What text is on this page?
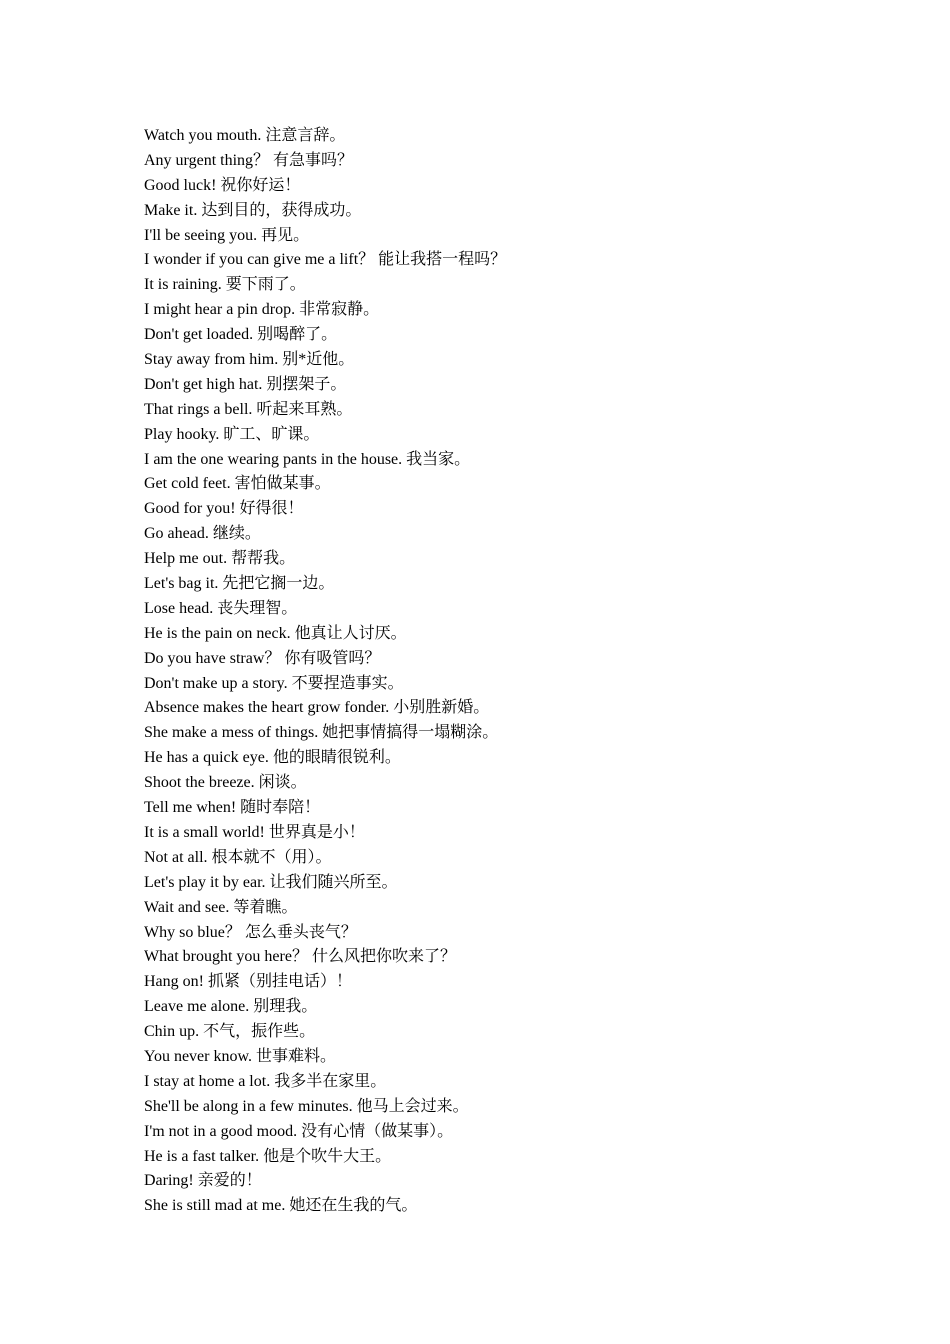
Watch you mouth. 注意言辞。
Any urgent thing？ 有急事吗？
Good luck! 祝你好运！
Make it. 达到目的，获得成功。
I'll be seeing you. 再见。
I wonder if you can give me a lift？ 能让我搭一程吗？
It is raining. 要下雨了。
I might hear a pin drop. 非常寂静。
Don't get loaded. 别喝醉了。
Stay away from him. 别*近他。
Don't get high hat. 别摆架子。
That rings a bell. 听起来耳熟。
Play hooky. 旷工、旷课。
I am the one wearing pants in the house. 我当家。
Get cold feet. 害怕做某事。
Good for you! 好得很！
Go ahead. 继续。
Help me out. 帮帮我。
Let's bag it. 先把它搁一边。
Lose head. 丧失理智。
He is the pain on neck. 他真让人讨厌。
Do you have straw？ 你有吸管吗？
Don't make up a story. 不要捏造事实。
Absence makes the heart grow fonder. 小别胜新婚。
She make a mess of things. 她把事情搞得一塌糊涂。
He has a quick eye. 他的眼睛很锐利。
Shoot the breeze. 闲谈。
Tell me when! 随时奉陪！
It is a small world! 世界真是小！
Not at all. 根本就不（用）。
Let's play it by ear. 让我们随兴所至。
Wait and see. 等着瞧。
Why so blue？ 怎么垂头丧气？
What brought you here？ 什么风把你吹来了？
Hang on! 抓紧（别挂电话）！
Leave me alone. 别理我。
Chin up. 不气，振作些。
You never know. 世事难料。
I stay at home a lot. 我多半在家里。
She'll be along in a few minutes. 他马上会过来。
I'm not in a good mood. 没有心情（做某事）。
He is a fast talker. 他是个吹牛大王。
Daring! 亲爱的！
She is still mad at me. 她还在生我的气。
